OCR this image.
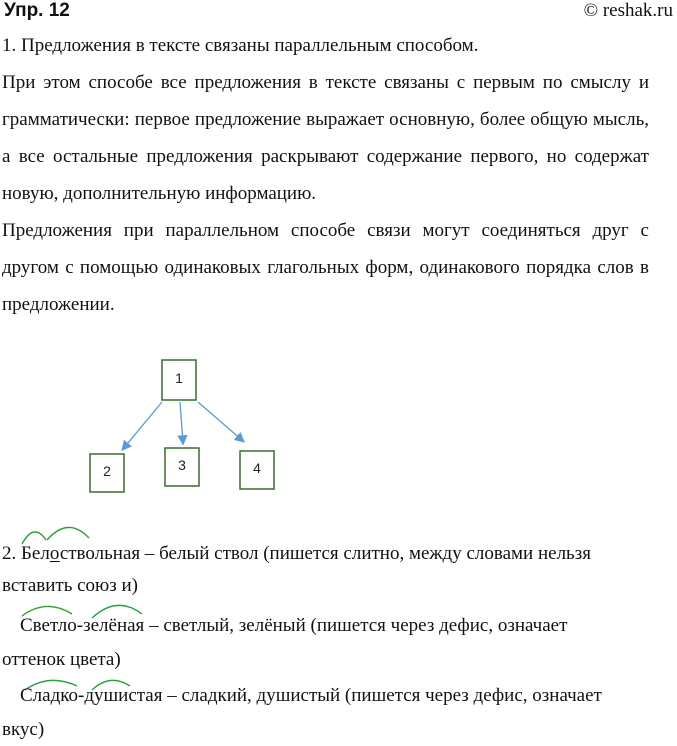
Упр. 12	© reshak.ru

1. Предложения в тексте связаны параллельным способом.

При этом способе все предложения в тексте связаны с первым по смыслу и грамматически: первое предложение выражает основную, более общую мысль, а все остальные предложения раскрывают содержание первого, но содержат новую, дополнительную информацию.

Предложения при параллельном способе связи могут соединяться друг с другом с помощью одинаковых глагольных форм, одинакового порядка слов в предложении.

1
2	3	4
2. Белоствольная – белый ствол (пишется слитно, между словами нельзя
вставить союз и)
Светло-зелёная – светлый, зелёный (пишется через дефис, означает
оттенок цвета)
Сладко-душистая – сладкий, душистый (пишется через дефис, означает
вкус)
